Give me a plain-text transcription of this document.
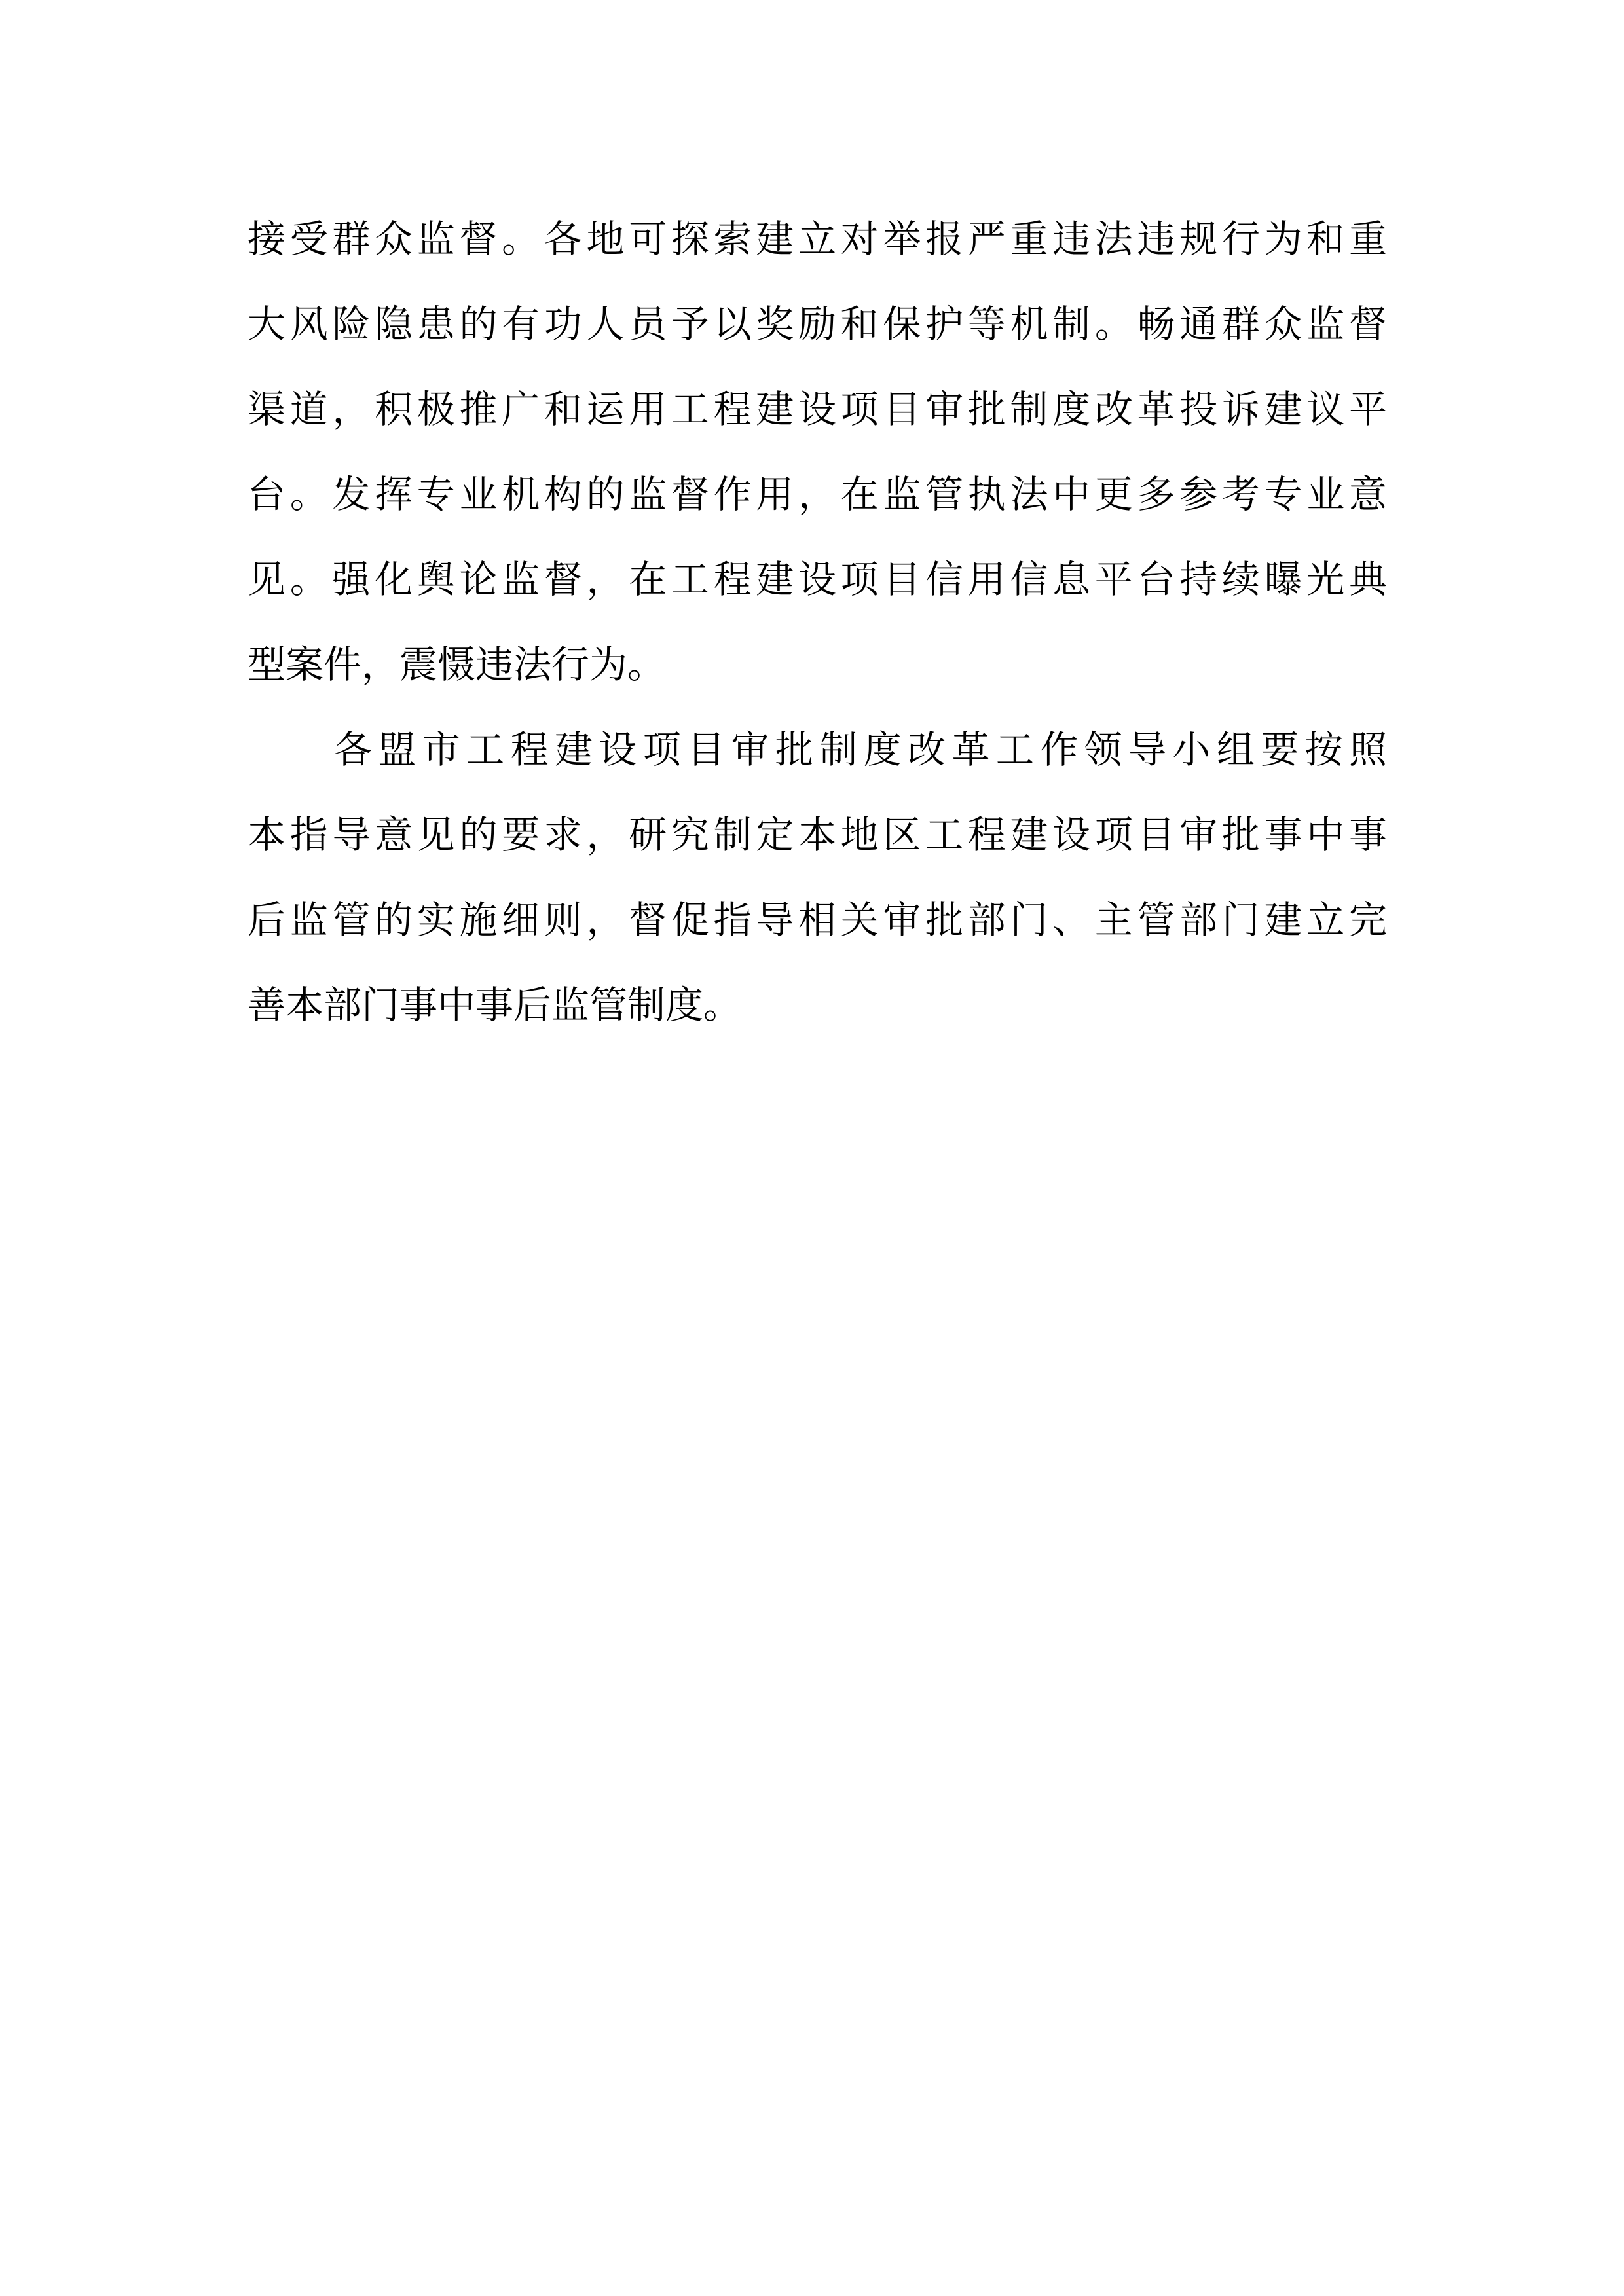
接受群众监督。各地可探索建立对举报严重违法违规行为和重
大风险隐患的有功人员予以奖励和保护等机制。畅通群众监督
渠道，积极推广和运用工程建设项目审批制度改革投诉建议平
台。发挥专业机构的监督作用，在监管执法中更多参考专业意
见。强化舆论监督，在工程建设项目信用信息平台持续曝光典
型案件，震慑违法行为。
各盟市工程建设项目审批制度改革工作领导小组要按照
本指导意见的要求，研究制定本地区工程建设项目审批事中事
后监管的实施细则，督促指导相关审批部门、主管部门建立完
善本部门事中事后监管制度。
